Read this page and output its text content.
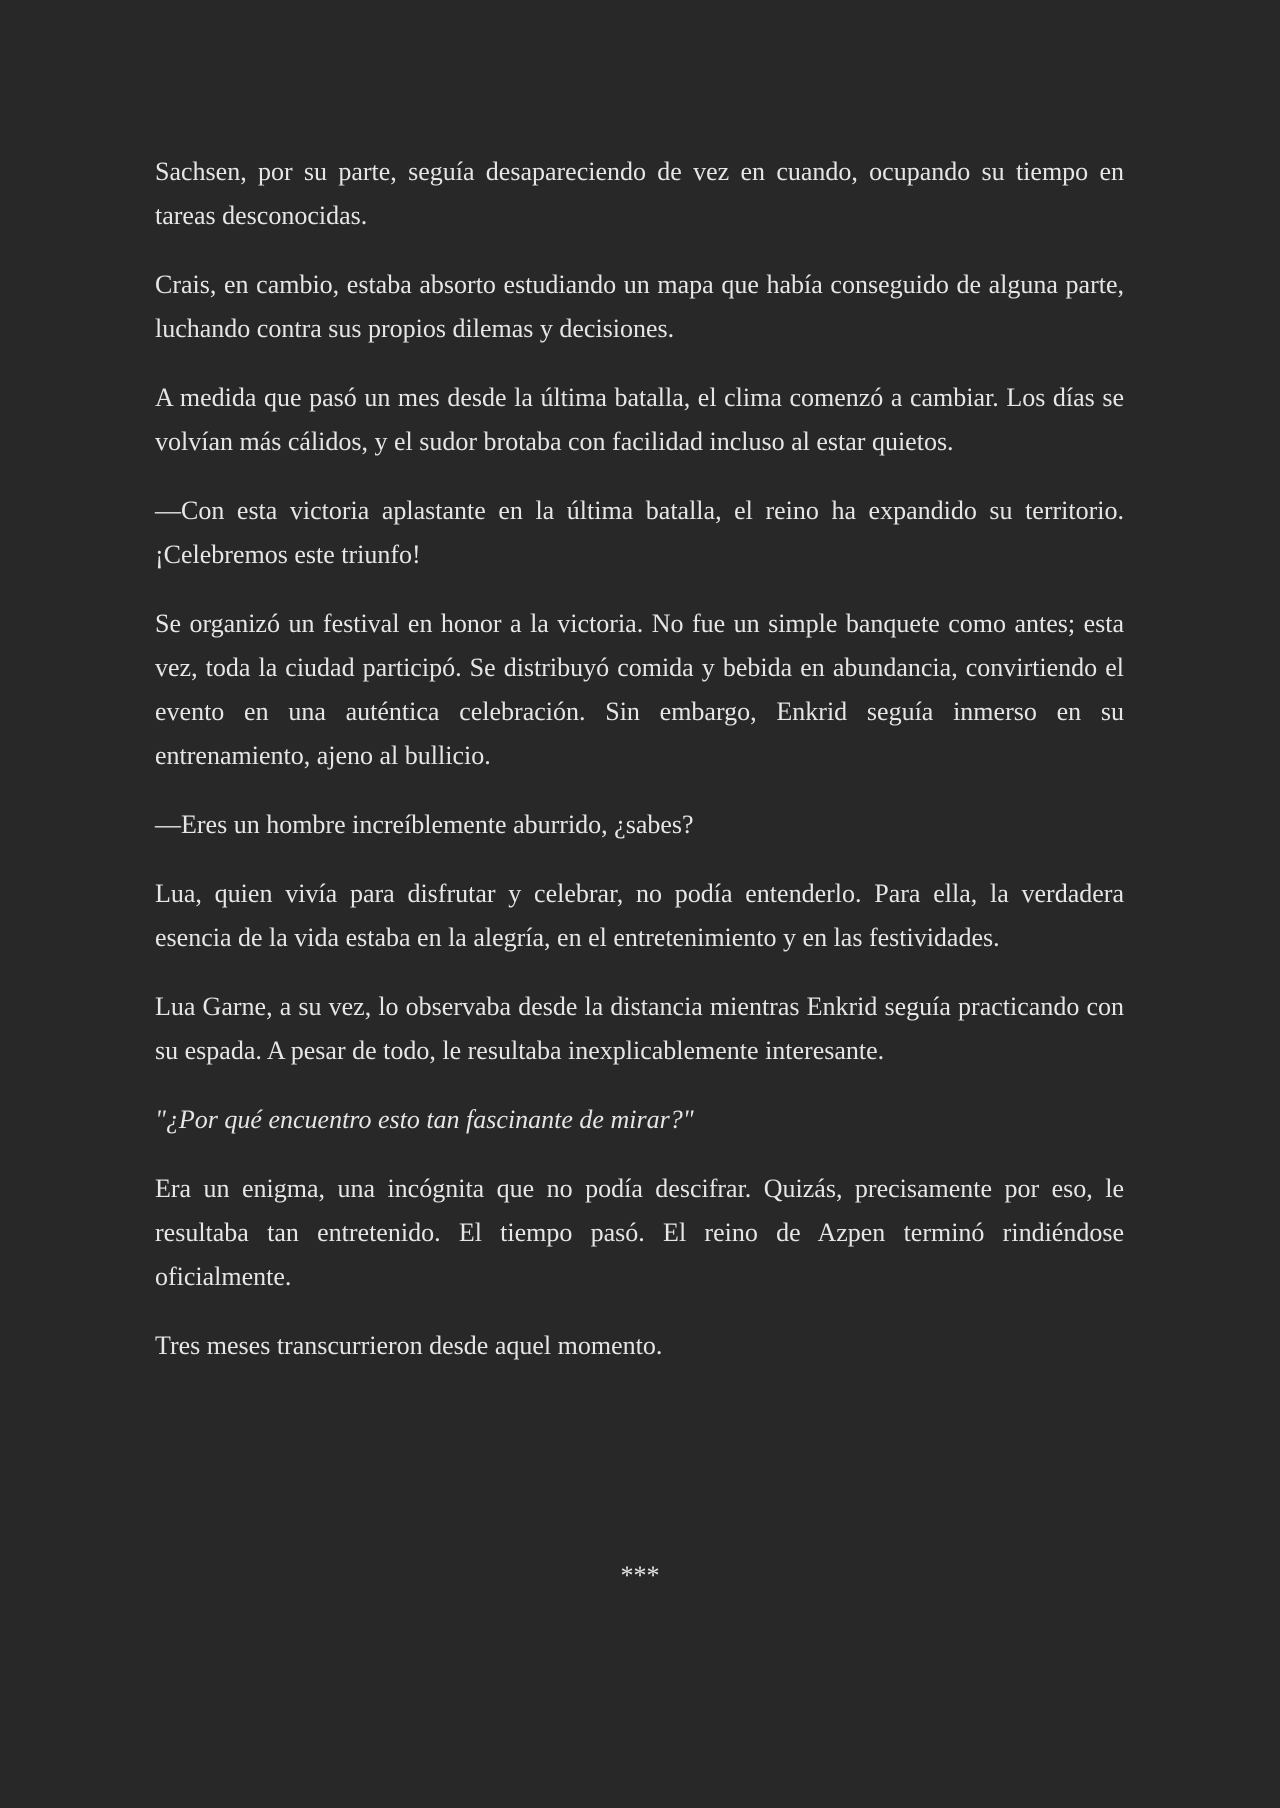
Sachsen, por su parte, seguía desapareciendo de vez en cuando, ocupando su tiempo en tareas desconocidas.

Crais, en cambio, estaba absorto estudiando un mapa que había conseguido de alguna parte, luchando contra sus propios dilemas y decisiones.

A medida que pasó un mes desde la última batalla, el clima comenzó a cambiar. Los días se volvían más cálidos, y el sudor brotaba con facilidad incluso al estar quietos.

—Con esta victoria aplastante en la última batalla, el reino ha expandido su territorio. ¡Celebremos este triunfo!

Se organizó un festival en honor a la victoria. No fue un simple banquete como antes; esta vez, toda la ciudad participó. Se distribuyó comida y bebida en abundancia, convirtiendo el evento en una auténtica celebración. Sin embargo, Enkrid seguía inmerso en su entrenamiento, ajeno al bullicio.

—Eres un hombre increíblemente aburrido, ¿sabes?

Lua, quien vivía para disfrutar y celebrar, no podía entenderlo. Para ella, la verdadera esencia de la vida estaba en la alegría, en el entretenimiento y en las festividades.

Lua Garne, a su vez, lo observaba desde la distancia mientras Enkrid seguía practicando con su espada. A pesar de todo, le resultaba inexplicablemente interesante.

"¿Por qué encuentro esto tan fascinante de mirar?"

Era un enigma, una incógnita que no podía descifrar. Quizás, precisamente por eso, le resultaba tan entretenido. El tiempo pasó. El reino de Azpen terminó rindiéndose oficialmente.

Tres meses transcurrieron desde aquel momento.

***
